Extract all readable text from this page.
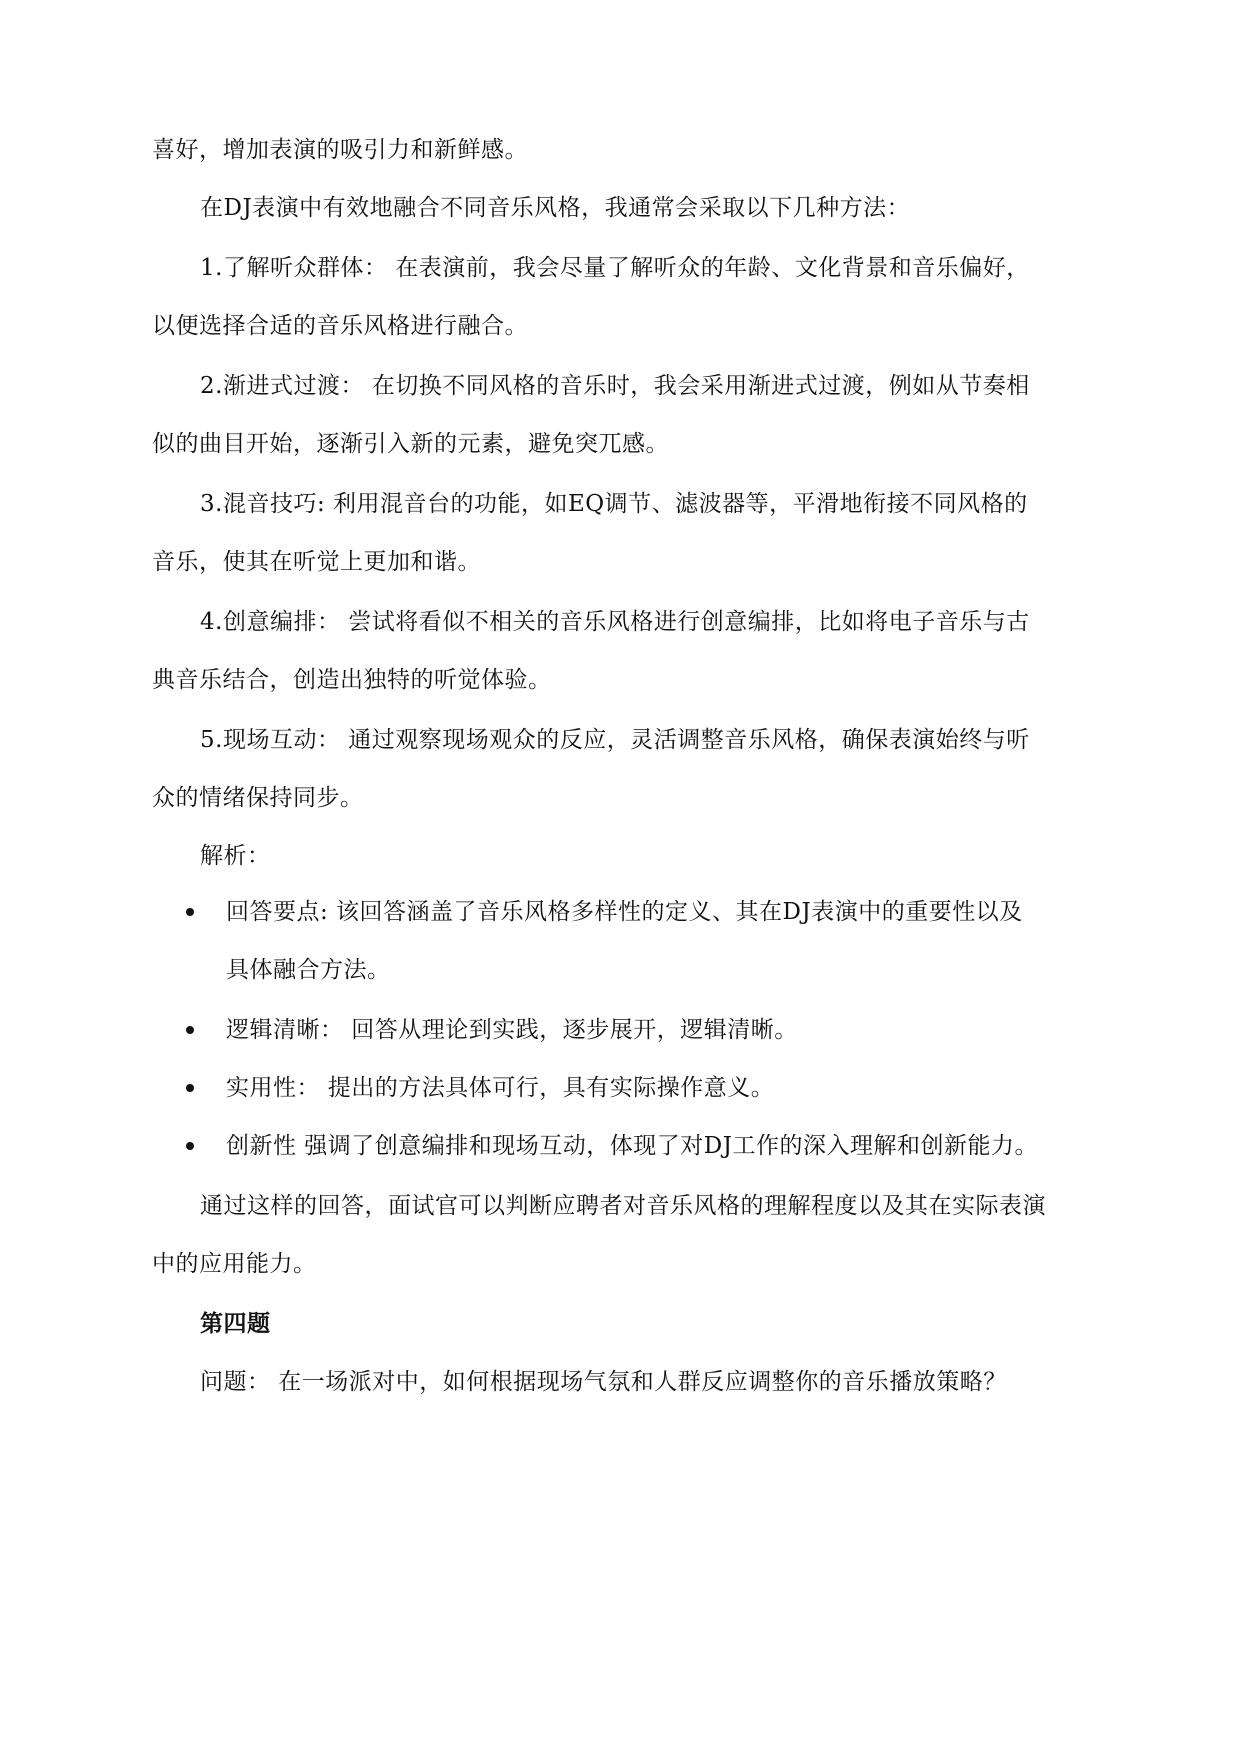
喜好，增加表演的吸引力和新鲜感。
在DJ表演中有效地融合不同音乐风格，我通常会采取以下几种方法：
1.了解听众群体： 在表演前，我会尽量了解听众的年龄、文化背景和音乐偏好，
以便选择合适的音乐风格进行融合。
2.渐进式过渡： 在切换不同风格的音乐时，我会采用渐进式过渡，例如从节奏相
似的曲目开始，逐渐引入新的元素，避免突兀感。
3.混音技巧: 利用混音台的功能，如EQ调节、滤波器等，平滑地衔接不同风格的
音乐，使其在听觉上更加和谐。
4.创意编排： 尝试将看似不相关的音乐风格进行创意编排，比如将电子音乐与古
典音乐结合，创造出独特的听觉体验。
5.现场互动： 通过观察现场观众的反应，灵活调整音乐风格，确保表演始终与听
众的情绪保持同步。
解析：
回答要点: 该回答涵盖了音乐风格多样性的定义、其在DJ表演中的重要性以及
具体融合方法。
逻辑清晰： 回答从理论到实践，逐步展开，逻辑清晰。
实用性： 提出的方法具体可行，具有实际操作意义。
创新性 强调了创意编排和现场互动，体现了对DJ工作的深入理解和创新能力。
通过这样的回答，面试官可以判断应聘者对音乐风格的理解程度以及其在实际表演
中的应用能力。
第四题
问题： 在一场派对中，如何根据现场气氛和人群反应调整你的音乐播放策略？
